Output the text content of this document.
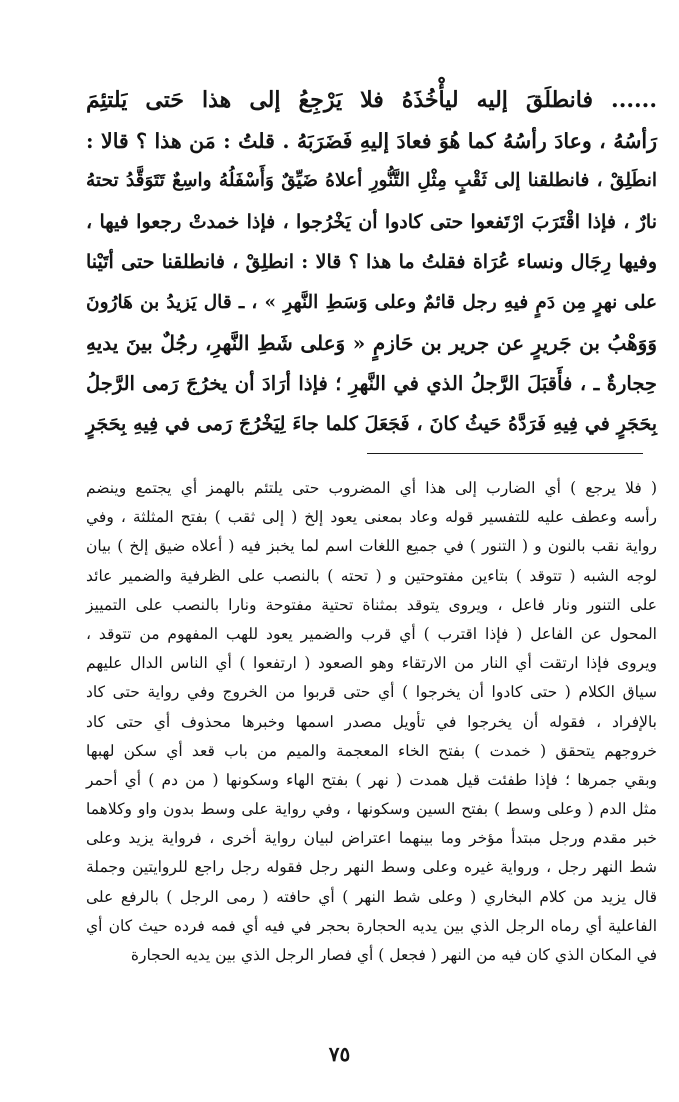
...... فانطلَقَ إليه ليأْخُذَهُ فلا يَرْجِعُ إلى هذا حَتى يَلتئِمَ
رَأسُهُ ، وعادَ رأسُهُ كما هُوَ فعادَ إليهِ فَضَرَبَهُ . قلتُ : مَن هذا ؟ قالا :
انطَلِقْ ، فانطلقنا إلى ثَقْبٍ مِثْلِ التَّنُّورِ أعلاهُ ضَيِّقٌ وَأَسْفَلُهُ واسِعٌ تَتَوَقَّدُ تحتهُ
نارٌ ، فإذا اقْتَرَبَ ارْتَفعوا حتى كادوا أن يَخْرُجوا ، فإذا خمدتْ رجعوا فيها ،
وفيها رِجَال ونساء عُرَاة فقلتُ ما هذا ؟ قالا : انطلِقْ ، فانطلقنا حتى أتَيْنا
على نهرٍ مِن دَمٍ فيهِ رجل قائمٌ وعلى وَسَطِ النَّهرِ » ، ـ قال يَزيدُ بن هَارُونَ
وَوَهْبُ بن جَريرٍ عن جرير بن حَازمٍ « وَعلى شَطِ النَّهرِ، رجُلٌ بينَ يديهِ
حِجارةٌ ـ ، فأَقبَلَ الرَّجلُ الذي في النَّهرِ ؛ فإذا أرَادَ أن يخرُجَ رَمى الرَّجلُ
بِحَجَرٍ في فِيهِ فَرَدَّهُ حَيثُ كانَ ، فَجَعَلَ كلما جاءَ لِيَخْرُجَ رَمى في فِيهِ بِحَجَرٍ
( فلا يرجع ) أي الضارب إلى هذا أي المضروب حتى يلتئم بالهمز أي يجتمع وينضم
رأسه وعطف عليه للتفسير قوله وعاد بمعنى يعود إلخ ( إلى ثقب ) بفتح المثلثة ، وفي
رواية نقب بالنون و ( التنور ) في جميع اللغات اسم لما يخبز فيه ( أعلاه ضيق إلخ ) بيان
لوجه الشبه ( تتوقد ) بتاءين مفتوحتين و ( تحته ) بالنصب على الظرفية والضمير عائد
على التنور ونار فاعل ، ويروى يتوقد بمثناة تحتية مفتوحة ونارا بالنصب على التمييز
المحول عن الفاعل ( فإذا اقترب ) أي قرب والضمير يعود للهب المفهوم من تتوقد ،
ويروى فإذا ارتقت أي النار من الارتقاء وهو الصعود ( ارتفعوا ) أي الناس الدال عليهم
سياق الكلام ( حتى كادوا أن يخرجوا ) أي حتى قربوا من الخروج وفي رواية حتى كاد
بالإفراد ، فقوله أن يخرجوا في تأويل مصدر اسمها وخبرها محذوف أي حتى كاد
خروجهم يتحقق ( خمدت ) بفتح الخاء المعجمة والميم من باب قعد أي سكن لهبها
وبقي جمرها ؛ فإذا طفئت قيل همدت ( نهر ) بفتح الهاء وسكونها ( من دم ) أي أحمر
مثل الدم ( وعلى وسط ) بفتح السين وسكونها ، وفي رواية على وسط بدون واو وكلاهما
خبر مقدم ورجل مبتدأ مؤخر وما بينهما اعتراض لبيان رواية أخرى ، فرواية يزيد وعلى
شط النهر رجل ، ورواية غيره وعلى وسط النهر رجل فقوله رجل راجع للروايتين وجملة
قال يزيد من كلام البخاري ( وعلى شط النهر ) أي حافته ( رمى الرجل ) بالرفع على
الفاعلية أي رماه الرجل الذي بين يديه الحجارة بحجر في فيه أي فمه فرده حيث كان أي
في المكان الذي كان فيه من النهر ( فجعل ) أي فصار الرجل الذي بين يديه الحجارة
٧٥
